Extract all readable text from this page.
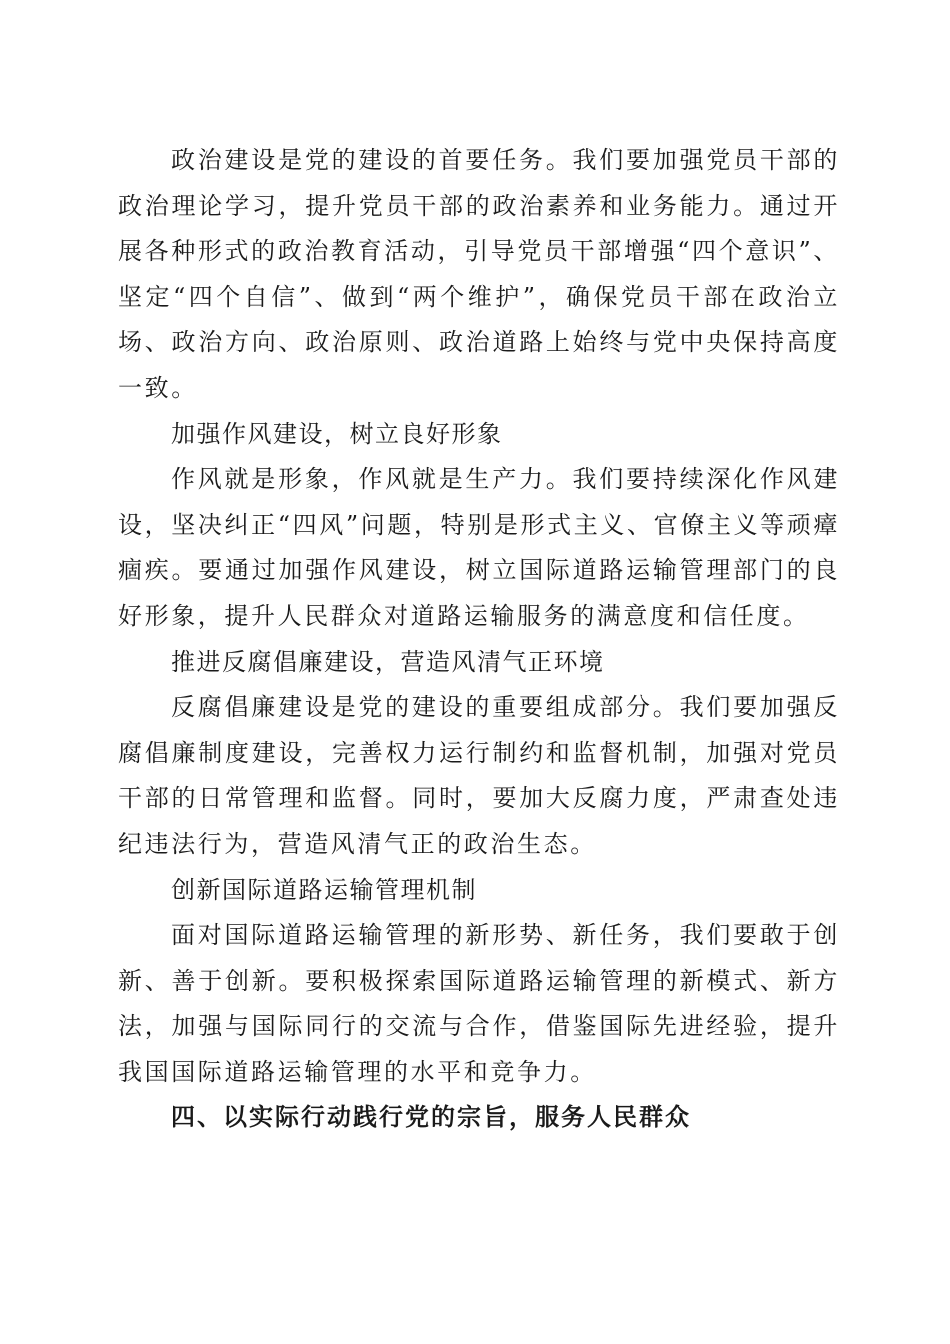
政治建设是党的建设的首要任务。我们要加强党员干部的政治理论学习，提升党员干部的政治素养和业务能力。通过开展各种形式的政治教育活动，引导党员干部增强“四个意识”、坚定“四个自信”、做到“两个维护”，确保党员干部在政治立场、政治方向、政治原则、政治道路上始终与党中央保持高度一致。

加强作风建设，树立良好形象

作风就是形象，作风就是生产力。我们要持续深化作风建设，坚决纠正“四风”问题，特别是形式主义、官僚主义等顽瘴痼疾。要通过加强作风建设，树立国际道路运输管理部门的良好形象，提升人民群众对道路运输服务的满意度和信任度。

推进反腐倡廉建设，营造风清气正环境

反腐倡廉建设是党的建设的重要组成部分。我们要加强反腐倡廉制度建设，完善权力运行制约和监督机制，加强对党员干部的日常管理和监督。同时，要加大反腐力度，严肃查处违纪违法行为，营造风清气正的政治生态。

创新国际道路运输管理机制

面对国际道路运输管理的新形势、新任务，我们要敢于创新、善于创新。要积极探索国际道路运输管理的新模式、新方法，加强与国际同行的交流与合作，借鉴国际先进经验，提升我国国际道路运输管理的水平和竞争力。

四、以实际行动践行党的宗旨，服务人民群众
